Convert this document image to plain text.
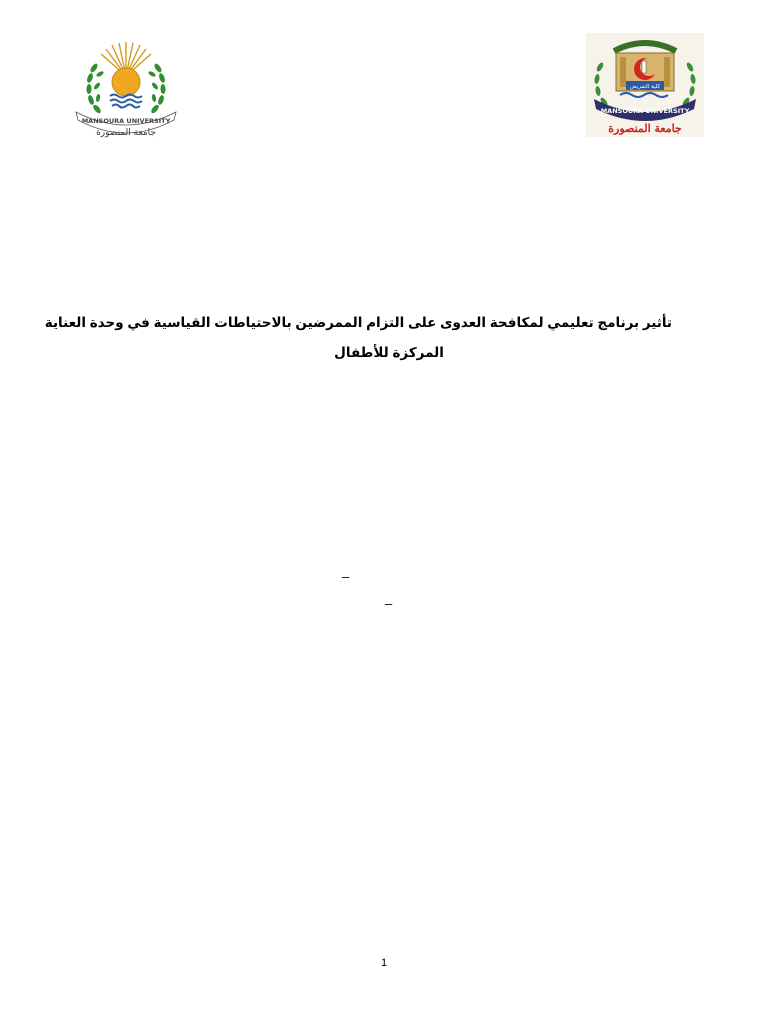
MANSOURA UNIVERSITY
جامعة المنصورة
كلية التمريض
MANSOURA UNIVERSITY
جامعة المنصورة
تأثير برنامج تعليمي لمكافحة العدوى على التزام الممرضين بالاحتياطات القياسية في وحدة العناية
المركزة للأطفال
–
–
1
